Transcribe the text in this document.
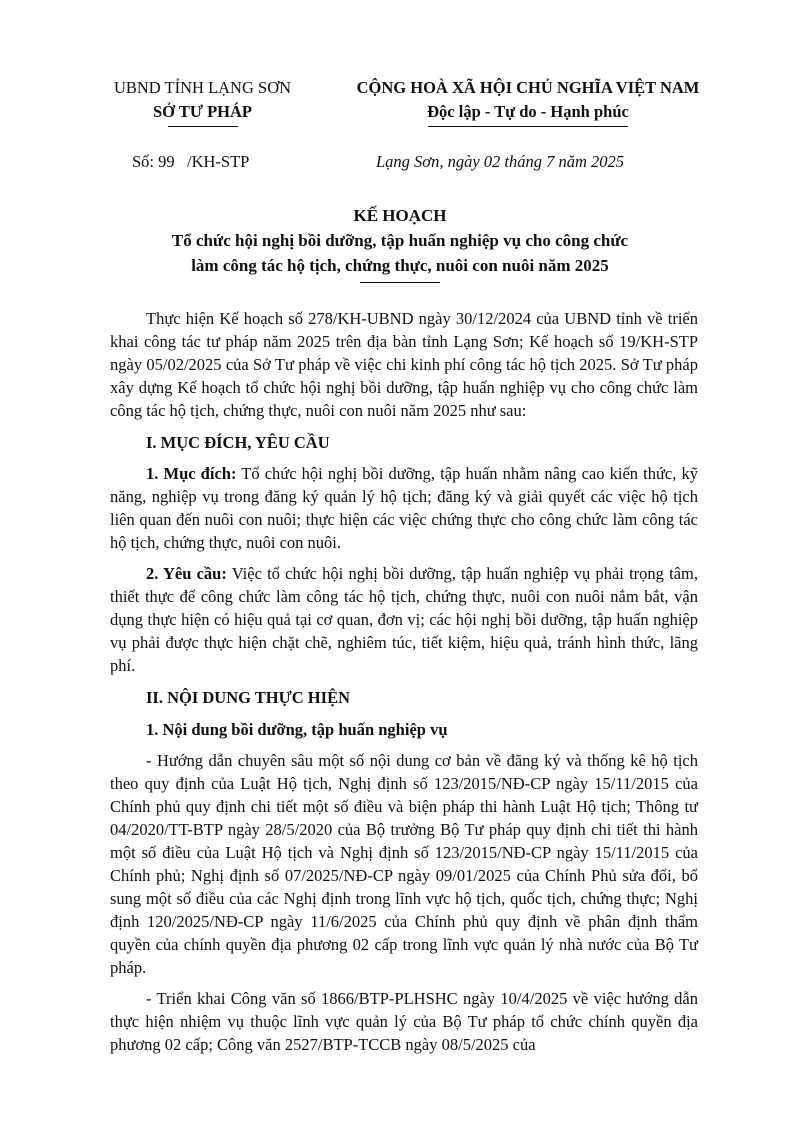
UBND TỈNH LẠNG SƠN
SỞ TƯ PHÁP
CỘNG HOÀ XÃ HỘI CHỦ NGHĨA VIỆT NAM
Độc lập - Tự do - Hạnh phúc
Số: 99   /KH-STP	Lạng Sơn, ngày 02 tháng 7 năm 2025
KẾ HOẠCH
Tổ chức hội nghị bồi dưỡng, tập huấn nghiệp vụ cho công chức
làm công tác hộ tịch, chứng thực, nuôi con nuôi năm 2025

Thực hiện Kế hoạch số 278/KH-UBND ngày 30/12/2024 của UBND tỉnh về triển khai công tác tư pháp năm 2025 trên địa bàn tỉnh Lạng Sơn; Kế hoạch số 19/KH-STP ngày 05/02/2025 của Sở Tư pháp về việc chi kinh phí công tác hộ tịch 2025. Sở Tư pháp xây dựng Kế hoạch tổ chức hội nghị bồi dưỡng, tập huấn nghiệp vụ cho công chức làm công tác hộ tịch, chứng thực, nuôi con nuôi năm 2025 như sau:

I. MỤC ĐÍCH, YÊU CẦU

1. Mục đích: Tổ chức hội nghị bồi dưỡng, tập huấn nhằm nâng cao kiến thức, kỹ năng, nghiệp vụ trong đăng ký quản lý hộ tịch; đăng ký và giải quyết các việc hộ tịch liên quan đến nuôi con nuôi; thực hiện các việc chứng thực cho công chức làm công tác hộ tịch, chứng thực, nuôi con nuôi.

2. Yêu cầu: Việc tổ chức hội nghị bồi dưỡng, tập huấn nghiệp vụ phải trọng tâm, thiết thực để công chức làm công tác hộ tịch, chứng thực, nuôi con nuôi nắm bắt, vận dụng thực hiện có hiệu quả tại cơ quan, đơn vị; các hội nghị bồi dưỡng, tập huấn nghiệp vụ phải được thực hiện chặt chẽ, nghiêm túc, tiết kiệm, hiệu quả, tránh hình thức, lãng phí.

II. NỘI DUNG THỰC HIỆN
1. Nội dung bồi dưỡng, tập huấn nghiệp vụ

- Hướng dẫn chuyên sâu một số nội dung cơ bản về đăng ký và thống kê hộ tịch theo quy định của Luật Hộ tịch, Nghị định số 123/2015/NĐ-CP ngày 15/11/2015 của Chính phủ quy định chi tiết một số điều và biện pháp thi hành Luật Hộ tịch; Thông tư 04/2020/TT-BTP ngày 28/5/2020 của Bộ trưởng Bộ Tư pháp quy định chi tiết thi hành một số điều của Luật Hộ tịch và Nghị định số 123/2015/NĐ-CP ngày 15/11/2015 của Chính phủ; Nghị định số 07/2025/NĐ-CP ngày 09/01/2025 của Chính Phủ sửa đổi, bổ sung một số điều của các Nghị định trong lĩnh vực hộ tịch, quốc tịch, chứng thực; Nghị định 120/2025/NĐ-CP ngày 11/6/2025 của Chính phủ quy định về phân định thẩm quyền của chính quyền địa phương 02 cấp trong lĩnh vực quản lý nhà nước của Bộ Tư pháp.

- Triển khai Công văn số 1866/BTP-PLHSHC ngày 10/4/2025 về việc hướng dẫn thực hiện nhiệm vụ thuộc lĩnh vực quản lý của Bộ Tư pháp tổ chức chính quyền địa phương 02 cấp; Công văn 2527/BTP-TCCB ngày 08/5/2025 của
